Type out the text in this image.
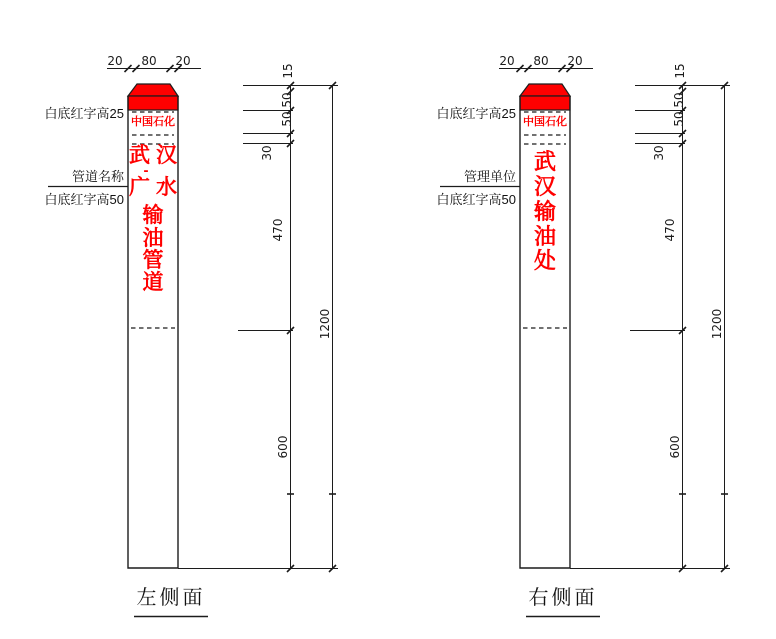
白底红字高25
管道名称
白底红字高50
20 80 20
15
50
50
30
470
600
1200
中国石化
武 汉
-
广 水
输
油
管
道
左侧面
白底红字高25
管理单位
白底红字高50
20 80 20
15
50
50
30
470
600
1200
中国石化
武
汉
输
油
处
右侧面
